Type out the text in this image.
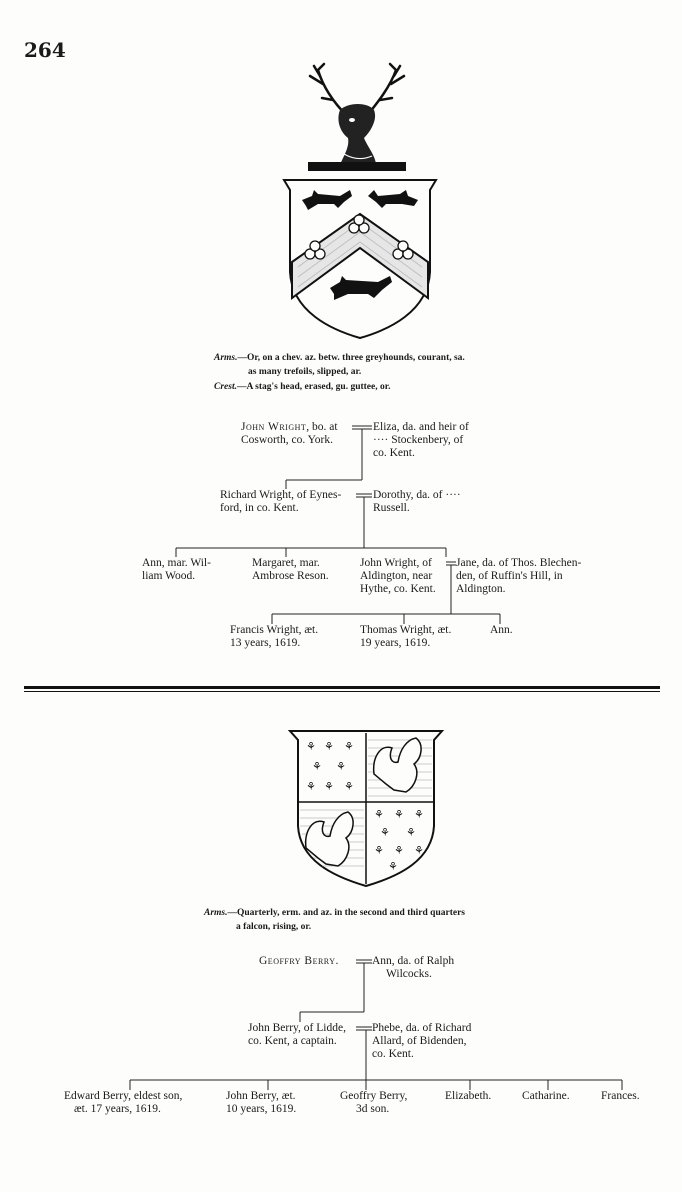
264
Arms.—Or, on a chev. az. betw. three greyhounds, courant, sa.
as many trefoils, slipped, ar.
Crest.—A stag's head, erased, gu. guttee, or.
John Wright, bo. at
Cosworth, co. York.
Eliza, da. and heir of
···· Stockenbery, of
co. Kent.
Richard Wright, of Eynes-
ford, in co. Kent.
Dorothy, da. of ····
Russell.
Ann, mar. Wil-
liam Wood.
Margaret, mar.
Ambrose Reson.
John Wright, of
Aldington, near
Hythe, co. Kent.
Jane, da. of Thos. Blechen-
den, of Ruffin's Hill, in
Aldington.
Francis Wright, æt.
13 years, 1619.
Thomas Wright, æt.
19 years, 1619.
Ann.
⚘ ⚘ ⚘
⚘ ⚘
⚘ ⚘ ⚘
⚘ ⚘ ⚘
⚘ ⚘
⚘ ⚘ ⚘
⚘
Arms.—Quarterly, erm. and az. in the second and third quarters
a falcon, rising, or.
Geoffry Berry.	Ann, da. of Ralph
Wilcocks.
John Berry, of Lidde,
co. Kent, a captain.
Phebe, da. of Richard
Allard, of Bidenden,
co. Kent.
Edward Berry, eldest son,
æt. 17 years, 1619.
John Berry, æt.
10 years, 1619.
Geoffry Berry,
3d son.
Elizabeth.	Catharine.	Frances.
